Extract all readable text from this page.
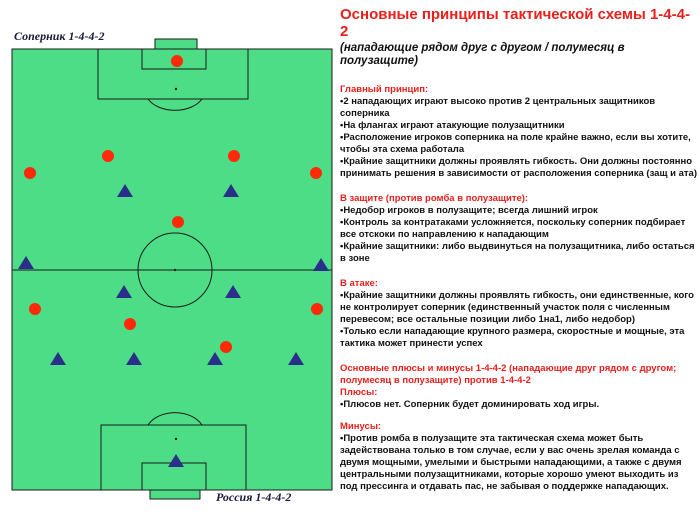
Соперник 1-4-4-2
Россия 1-4-4-2
Основные принципы тактической схемы 1-4-4-2
(нападающие рядом друг с другом / полумесяц в полузащите)
Главный принцип:
•2 нападающих играют высоко против 2 центральных защитников соперника
•На флангах играют атакующие полузащитники
•Расположение игроков соперника на поле крайне важно, если вы хотите, чтобы эта схема работала
•Крайние защитники должны проявлять гибкость. Они должны постоянно принимать решения в зависимости от расположения соперника (защ и ата)
В защите (против ромба в полузащите):
•Недобор игроков в полузащите; всегда лишний игрок
•Контроль за контратаками усложняется, поскольку соперник подбирает все отскоки по направлению к нападающим
•Крайние защитники: либо выдвинуться на полузащитника, либо остаться в зоне
В атаке:
•Крайние защитники должны проявлять гибкость, они единственные, кого не контролирует соперник (единственный участок поля с численным перевесом; все остальные позиции либо 1на1, либо недобор)
•Только если нападающие крупного размера, скоростные и мощные, эта тактика может принести успех
Основные плюсы и минусы 1-4-4-2 (нападающие друг рядом с другом; полумесяц в полузащите) против 1-4-4-2
Плюсы:
•Плюсов нет. Соперник будет доминировать ход игры.
Минусы:
•Против ромба в полузащите эта тактическая схема может быть задействована только в том случае, если у вас очень зрелая команда с двумя мощными, умелыми и быстрыми нападающими, а также с двумя центральными полузащитниками, которые хорошо умеют выходить из под прессинга и отдавать пас, не забывая о поддержке нападающих.
